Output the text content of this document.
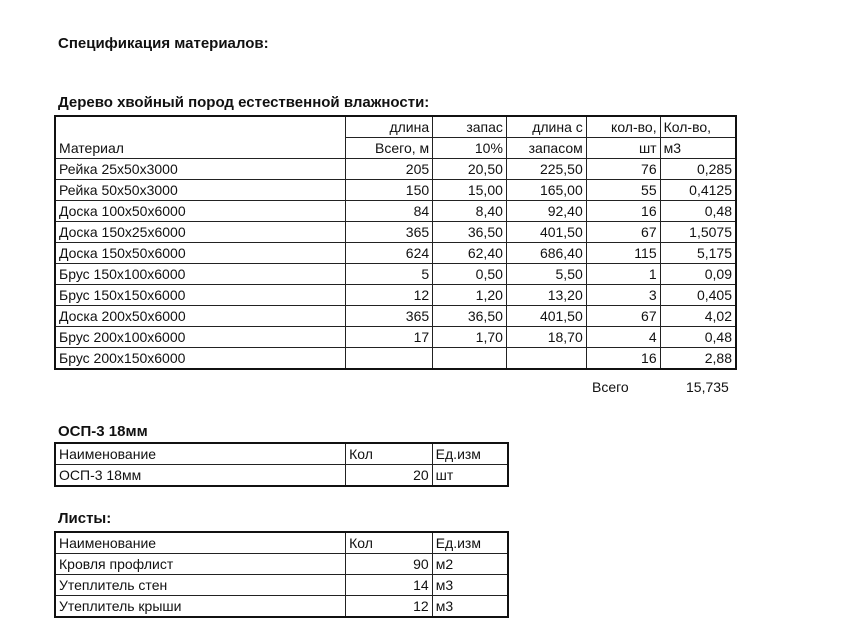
Спецификация материалов:
Дерево хвойный пород естественной влажности:
Материал	длина	запас	длина с	кол-во,	Кол-во,
	Всего, м	10%	запасом	шт	м3
Рейка 25х50х3000	205	20,50	225,50	76	0,285
Рейка 50х50х3000	150	15,00	165,00	55	0,4125
Доска 100х50х6000	84	8,40	92,40	16	0,48
Доска 150х25х6000	365	36,50	401,50	67	1,5075
Доска 150х50х6000	624	62,40	686,40	115	5,175
Брус 150х100х6000	5	0,50	5,50	1	0,09
Брус 150х150х6000	12	1,20	13,20	3	0,405
Доска 200х50х6000	365	36,50	401,50	67	4,02
Брус 200х100х6000	17	1,70	18,70	4	0,48
Брус 200х150х6000				16	2,88
Всего	15,735
ОСП-3 18мм
Наименование	Кол	Ед.изм
ОСП-3 18мм	20	шт
Листы:
Наименование	Кол	Ед.изм
Кровля профлист	90	м2
Утеплитель стен	14	м3
Утеплитель крыши	12	м3
